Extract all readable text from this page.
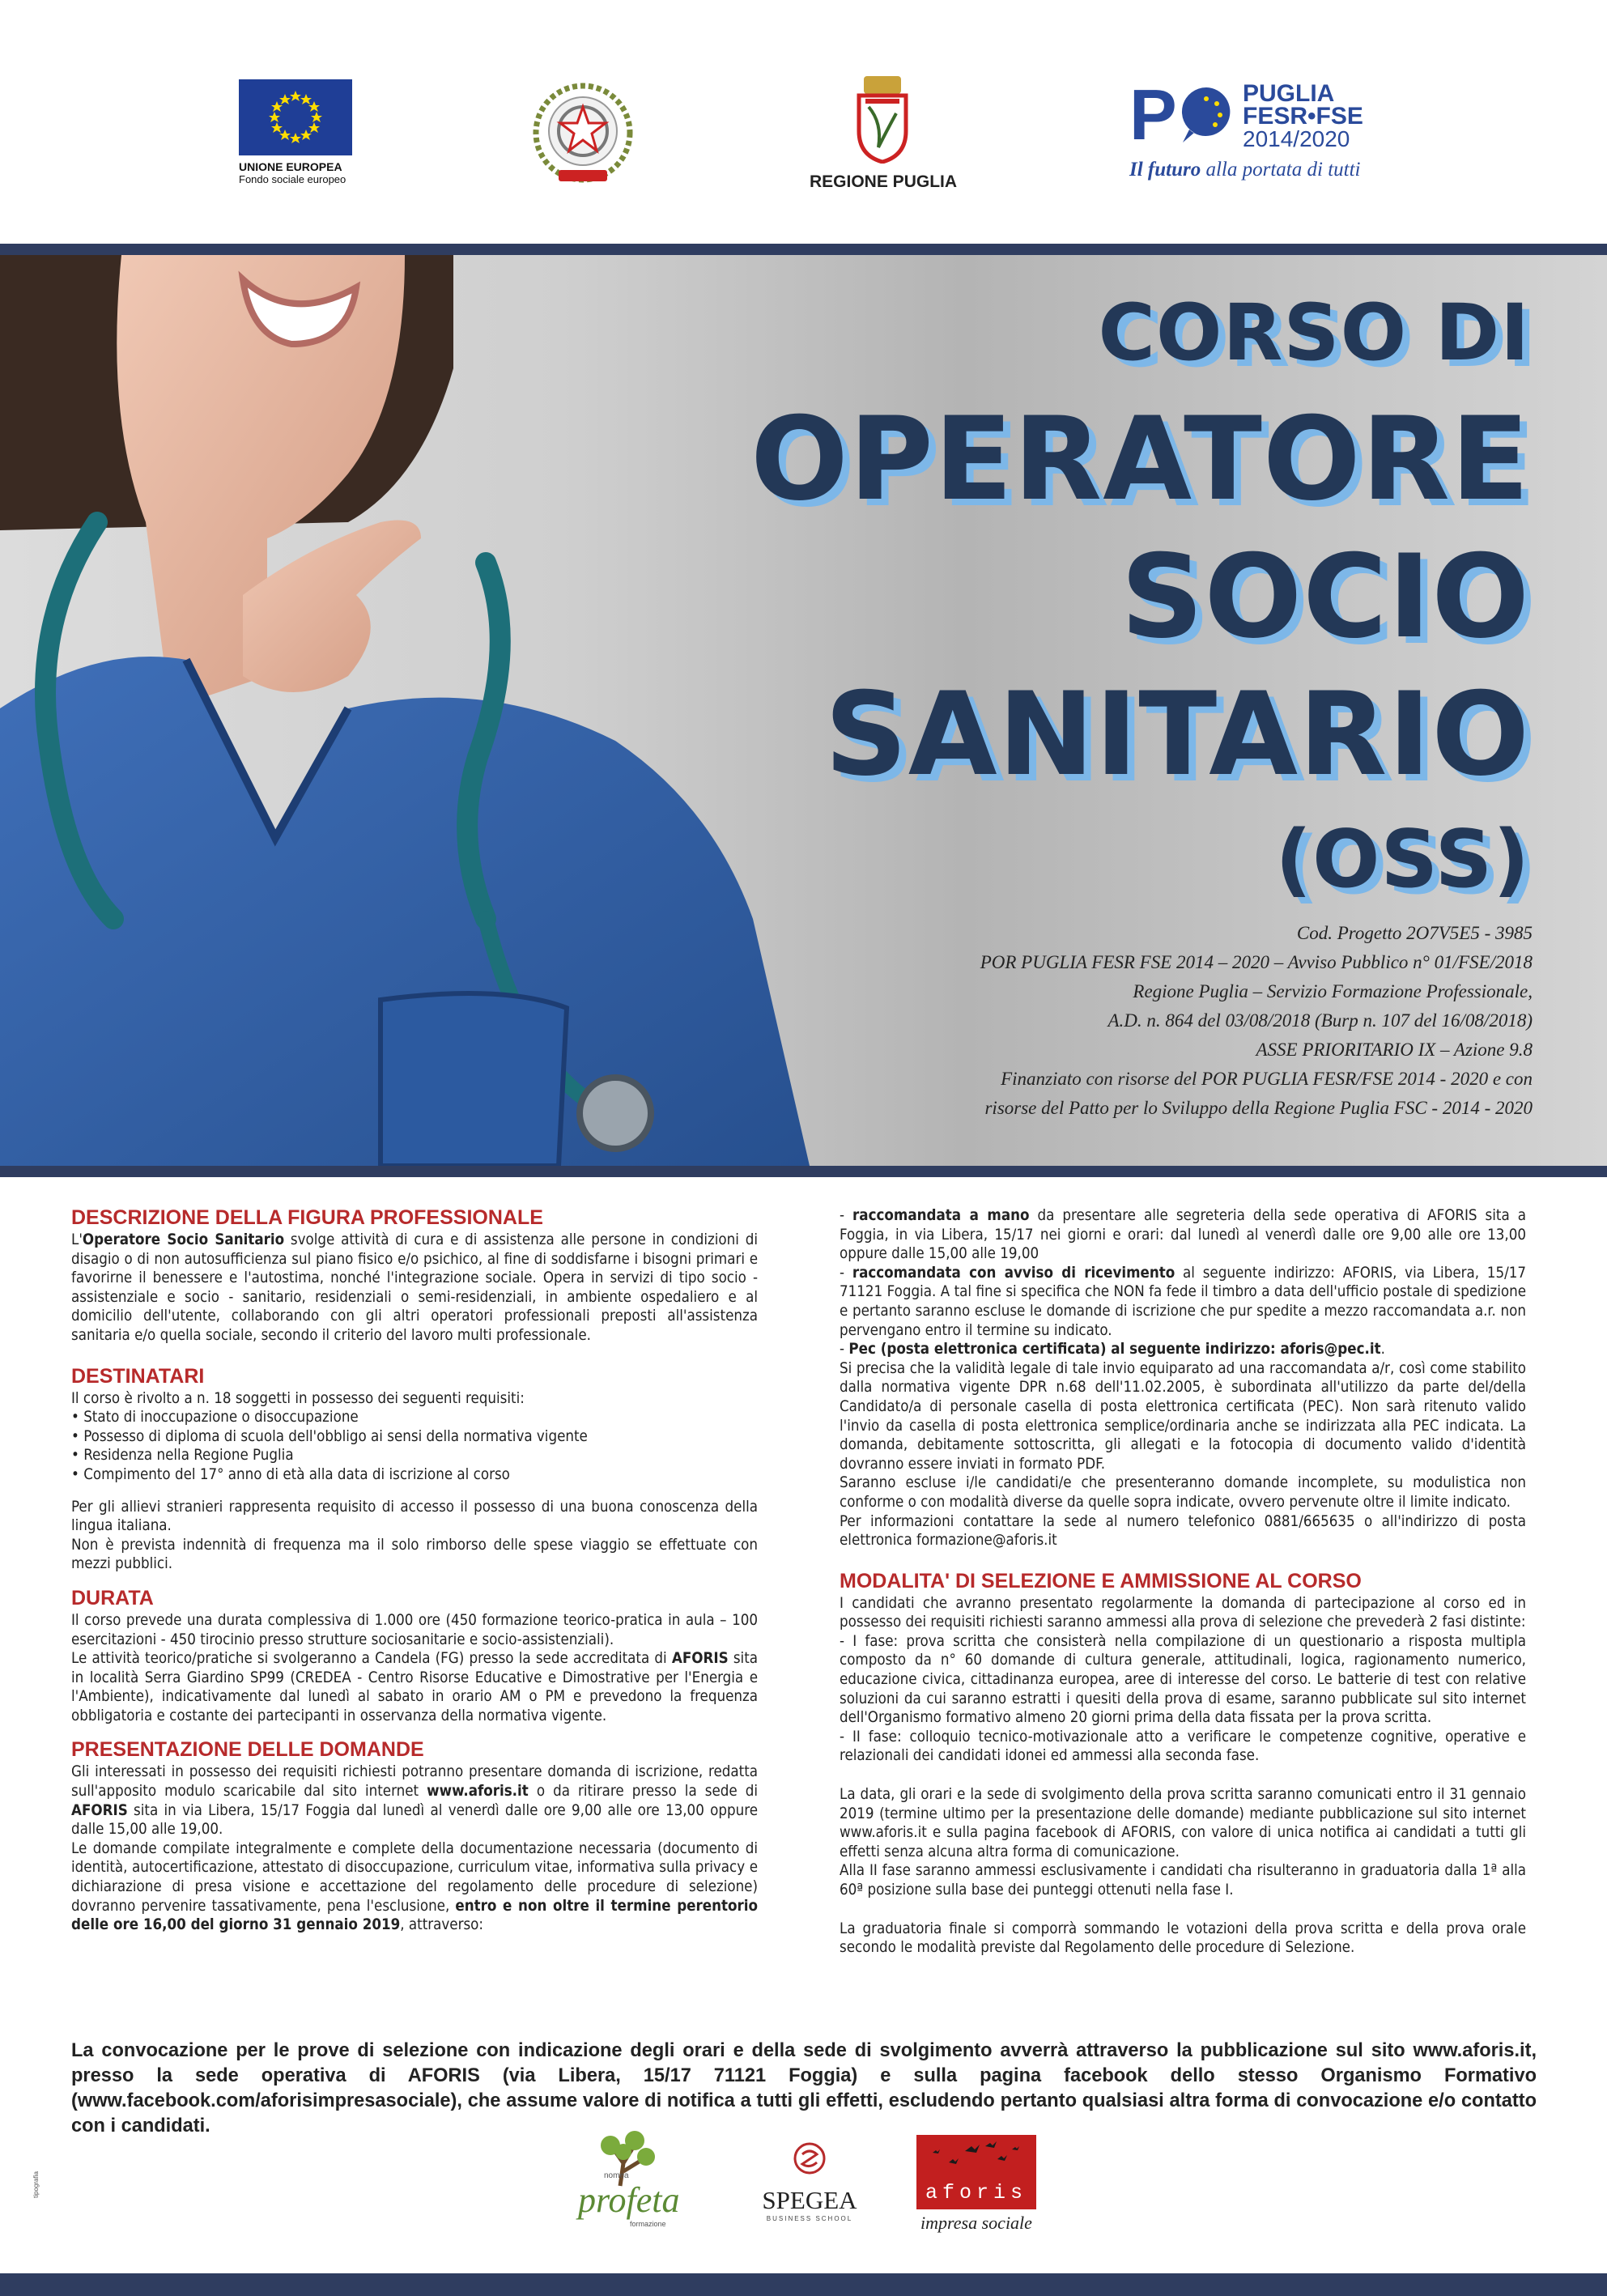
UNIONE EUROPEA
Fondo sociale europeo	REGIONE PUGLIA
P	PUGLIA
FESR•FSE
2014/2020
Il futuro alla portata di tutti
CORSO DI
OPERATORE
SOCIO
SANITARIO
(OSS)
Cod. Progetto 2O7V5E5 - 3985
POR PUGLIA FESR FSE 2014 – 2020 – Avviso Pubblico n° 01/FSE/2018
Regione Puglia – Servizio Formazione Professionale,
A.D. n. 864 del 03/08/2018 (Burp n. 107 del 16/08/2018)
ASSE PRIORITARIO IX – Azione 9.8
Finanziato con risorse del POR PUGLIA FESR/FSE 2014 - 2020 e con
risorse del Patto per lo Sviluppo della Regione Puglia FSC - 2014 - 2020
DESCRIZIONE DELLA FIGURA PROFESSIONALE

L'Operatore Socio Sanitario svolge attività di cura e di assistenza alle persone in condizioni di disagio o di non autosufficienza sul piano fisico e/o psichico, al fine di soddisfarne i bisogni primari e favorirne il benessere e l'autostima, nonché l'integrazione sociale. Opera in servizi di tipo socio - assistenziale e socio - sanitario, residenziali o semi-residenziali, in ambiente ospedaliero e al domicilio dell'utente, collaborando con gli altri operatori professionali preposti all'assistenza sanitaria e/o quella sociale, secondo il criterio del lavoro multi professionale.

DESTINATARI

Il corso è rivolto a n. 18 soggetti in possesso dei seguenti requisiti:

• Stato di inoccupazione o disoccupazione
• Possesso di diploma di scuola dell'obbligo ai sensi della normativa vigente
• Residenza nella Regione Puglia
• Compimento del 17° anno di età alla data di iscrizione al corso

Per gli allievi stranieri rappresenta requisito di accesso il possesso di una buona conoscenza della lingua italiana.

Non è prevista indennità di frequenza ma il solo rimborso delle spese viaggio se effettuate con mezzi pubblici.

DURATA

Il corso prevede una durata complessiva di 1.000 ore (450 formazione teorico-pratica in aula – 100 esercitazioni - 450 tirocinio presso strutture sociosanitarie e socio-assistenziali).

Le attività teorico/pratiche si svolgeranno a Candela (FG) presso la sede accreditata di AFORIS sita in località Serra Giardino SP99 (CREDEA - Centro Risorse Educative e Dimostrative per l'Energia e l'Ambiente), indicativamente dal lunedì al sabato in orario AM o PM e prevedono la frequenza obbligatoria e costante dei partecipanti in osservanza della normativa vigente.

PRESENTAZIONE DELLE DOMANDE

Gli interessati in possesso dei requisiti richiesti potranno presentare domanda di iscrizione, redatta sull'apposito modulo scaricabile dal sito internet www.aforis.it o da ritirare presso la sede di AFORIS sita in via Libera, 15/17 Foggia dal lunedì al venerdì dalle ore 9,00 alle ore 13,00 oppure dalle 15,00 alle 19,00.

Le domande compilate integralmente e complete della documentazione necessaria (documento di identità, autocertificazione, attestato di disoccupazione, curriculum vitae, informativa sulla privacy e dichiarazione di presa visione e accettazione del regolamento delle procedure di selezione) dovranno pervenire tassativamente, pena l'esclusione, entro e non oltre il termine perentorio delle ore 16,00 del giorno 31 gennaio 2019, attraverso:

- raccomandata a mano da presentare alle segreteria della sede operativa di AFORIS sita a Foggia, in via Libera, 15/17 nei giorni e orari: dal lunedì al venerdì dalle ore 9,00 alle ore 13,00 oppure dalle 15,00 alle 19,00

- raccomandata con avviso di ricevimento al seguente indirizzo: AFORIS, via Libera, 15/17 71121 Foggia. A tal fine si specifica che NON fa fede il timbro a data dell'ufficio postale di spedizione e pertanto saranno escluse le domande di iscrizione che pur spedite a mezzo raccomandata a.r. non pervengano entro il termine su indicato.

- Pec (posta elettronica certificata) al seguente indirizzo: aforis@pec.it.

Si precisa che la validità legale di tale invio equiparato ad una raccomandata a/r, così come stabilito dalla normativa vigente DPR n.68 dell'11.02.2005, è subordinata all'utilizzo da parte del/della Candidato/a di personale casella di posta elettronica certificata (PEC). Non sarà ritenuto valido l'invio da casella di posta elettronica semplice/ordinaria anche se indirizzata alla PEC indicata. La domanda, debitamente sottoscritta, gli allegati e la fotocopia di documento valido d'identità dovranno essere inviati in formato PDF.

Saranno escluse i/le candidati/e che presenteranno domande incomplete, su modulistica non conforme o con modalità diverse da quelle sopra indicate, ovvero pervenute oltre il limite indicato.

Per informazioni contattare la sede al numero telefonico 0881/665635 o all'indirizzo di posta elettronica formazione@aforis.it

MODALITA' DI SELEZIONE E AMMISSIONE AL CORSO

I candidati che avranno presentato regolarmente la domanda di partecipazione al corso ed in possesso dei requisiti richiesti saranno ammessi alla prova di selezione che prevederà 2 fasi distinte:

- I fase: prova scritta che consisterà nella compilazione di un questionario a risposta multipla composto da n° 60 domande di cultura generale, attitudinali, logica, ragionamento numerico, educazione civica, cittadinanza europea, aree di interesse del corso. Le batterie di test con relative soluzioni da cui saranno estratti i quesiti della prova di esame, saranno pubblicate sul sito internet dell'Organismo formativo almeno 20 giorni prima della data fissata per la prova scritta.

- II fase: colloquio tecnico-motivazionale atto a verificare le competenze cognitive, operative e relazionali dei candidati idonei ed ammessi alla seconda fase.

La data, gli orari e la sede di svolgimento della prova scritta saranno comunicati entro il 31 gennaio 2019 (termine ultimo per la presentazione delle domande) mediante pubblicazione sul sito internet www.aforis.it e sulla pagina facebook di AFORIS, con valore di unica notifica ai candidati a tutti gli effetti senza alcuna altra forma di comunicazione.

Alla II fase saranno ammessi esclusivamente i candidati cha risulteranno in graduatoria dalla 1ª alla 60ª posizione sulla base dei punteggi ottenuti nella fase I.

La graduatoria finale si comporrà sommando le votazioni della prova scritta e della prova orale secondo le modalità previste dal Regolamento delle procedure di Selezione.

La convocazione per le prove di selezione con indicazione degli orari e della sede di svolgimento avverrà attraverso la pubblicazione sul sito www.aforis.it, presso la sede operativa di AFORIS (via Libera, 15/17 71121 Foggia) e sulla pagina facebook dello stesso Organismo Formativo (www.facebook.com/aforisimpresasociale), che assume valore di notifica a tutti gli effetti, escludendo pertanto qualsiasi altra forma di convocazione e/o contatto con i candidati.
tipografia	nomea
profeta
formazione
SPEGEA
BUSINESS SCHOOL
aforis
impresa sociale
